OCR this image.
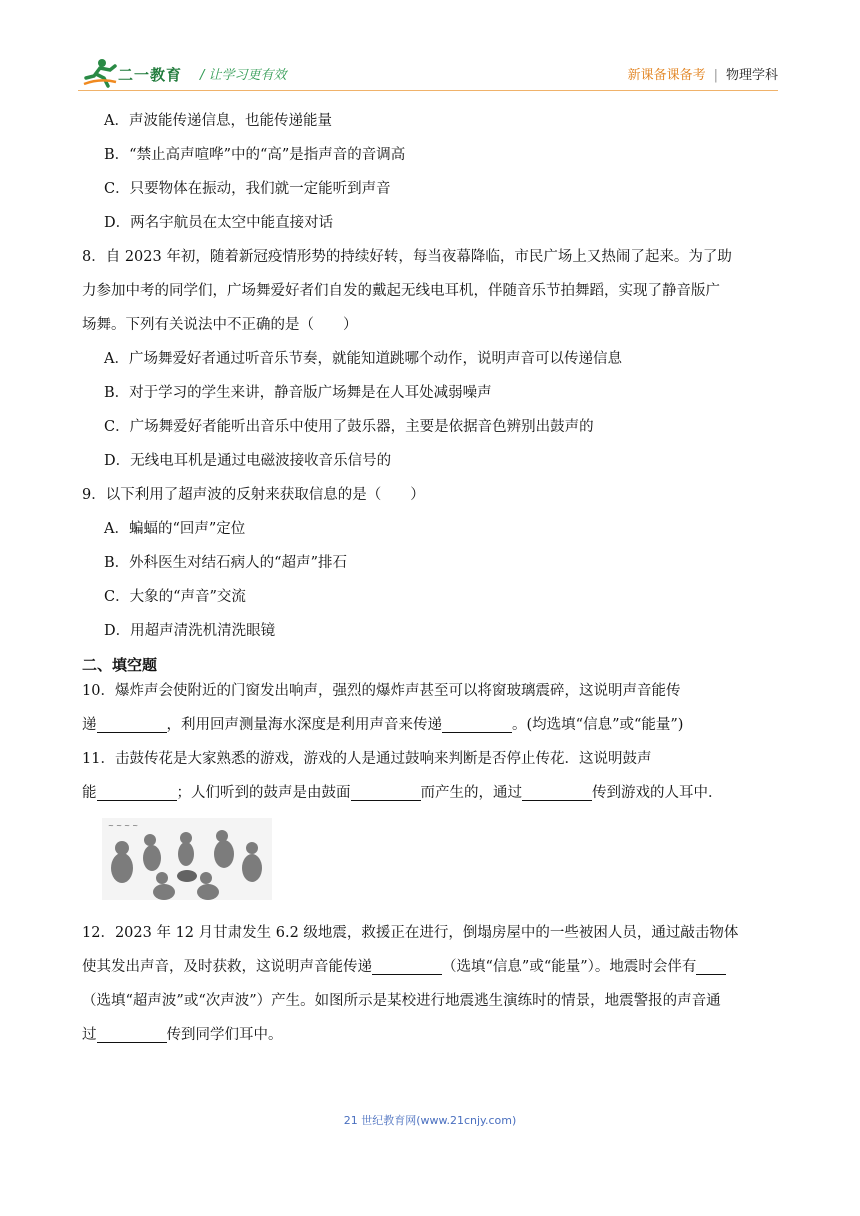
二一教育 / 让学习更有效	新课备课备考 | 物理学科
A．声波能传递信息，也能传递能量
B．“禁止高声喧哗”中的“高”是指声音的音调高
C．只要物体在振动，我们就一定能听到声音
D．两名宇航员在太空中能直接对话
8．自 2023 年初，随着新冠疫情形势的持续好转，每当夜幕降临，市民广场上又热闹了起来。为了助
力参加中考的同学们，广场舞爱好者们自发的戴起无线电耳机，伴随音乐节拍舞蹈，实现了静音版广
场舞。下列有关说法中不正确的是（　　）
A．广场舞爱好者通过听音乐节奏，就能知道跳哪个动作，说明声音可以传递信息
B．对于学习的学生来讲，静音版广场舞是在人耳处减弱噪声
C．广场舞爱好者能听出音乐中使用了鼓乐器，主要是依据音色辨别出鼓声的
D．无线电耳机是通过电磁波接收音乐信号的
9．以下利用了超声波的反射来获取信息的是（　　）
A．蝙蝠的“回声”定位
B．外科医生对结石病人的“超声”排石
C．大象的“声音”交流
D．用超声清洗机清洗眼镜
二、填空题
10．爆炸声会使附近的门窗发出响声，强烈的爆炸声甚至可以将窗玻璃震碎，这说明声音能传
递	，利用回声测量海水深度是利用声音来传递	。(均选填“信息”或“能量”)
11．击鼓传花是大家熟悉的游戏，游戏的人是通过鼓响来判断是否停止传花．这说明鼓声
能	；人们听到的鼓声是由鼓面	而产生的，通过	传到游戏的人耳中．
~ ~ ~ ~
12．2023 年 12 月甘肃发生 6.2 级地震，救援正在进行，倒塌房屋中的一些被困人员，通过敲击物体
使其发出声音，及时获救，这说明声音能传递	（选填“信息”或“能量”）。地震时会伴有
（选填“超声波”或“次声波”）产生。如图所示是某校进行地震逃生演练时的情景，地震警报的声音通
过	传到同学们耳中。
21 世纪教育网(www.21cnjy.com)
